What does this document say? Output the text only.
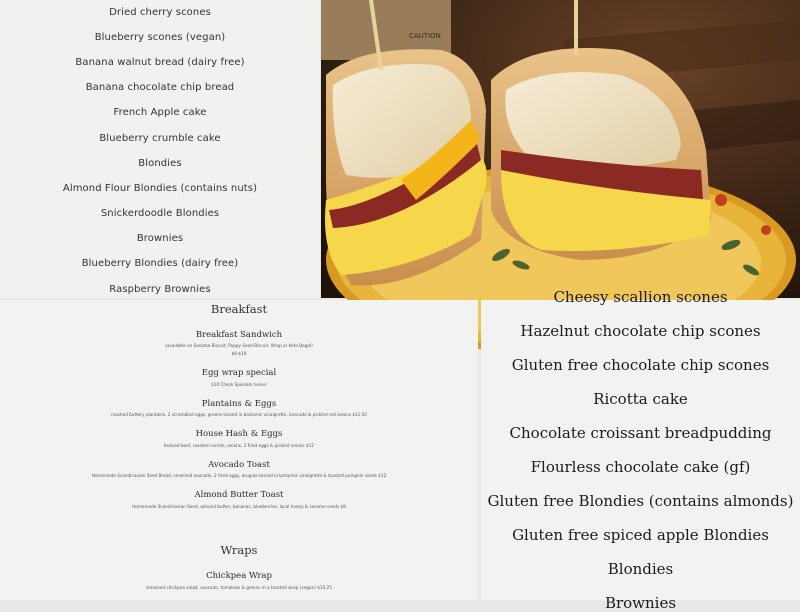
Dried cherry scones
Blueberry scones (vegan)
Banana walnut bread (dairy free)
Banana chocolate chip bread
French Apple cake
Blueberry crumble cake
Blondies
Almond Flour Blondies (contains nuts)
Snickerdoodle Blondies
Brownies
Blueberry Blondies (dairy free)
Raspberry Brownies
CAUTION
Breakfast
Breakfast Sandwich
(available on Sesame Biscuit, Poppy Seed Biscuit, Wrap or Keto Bagel)
$6-$10
Egg wrap special
$10 Check Specials menu!
Plantains & Eggs
mashed buttery plantains, 2 scrambled eggs, greens tossed in balsamic vinaigrette, avocado & pickled red onions $11.50
House Hash & Eggs
braised beef, roasted carrots, onions, 2 fried eggs & pickled onions $12
Avocado Toast
Homemade Scandinavian Seed Bread, smashed avocado, 2 fried eggs, arugula tossed in balsamic vinaigrette & toasted pumpkin seeds $12
Almond Butter Toast
Homemade Scandinavian Seed, almond butter, bananas, blueberries, local honey & sesame seeds $9
Wraps
Chickpea Wrap
smashed chickpea salad, avocado, tomatoes & greens in a toasted wrap (vegan) $10.25
Cheesy scallion scones
Hazelnut chocolate chip scones
Gluten free chocolate chip scones
Ricotta cake
Chocolate croissant breadpudding
Flourless chocolate cake (gf)
Gluten free Blondies (contains almonds)
Gluten free spiced apple Blondies
Blondies
Brownies
